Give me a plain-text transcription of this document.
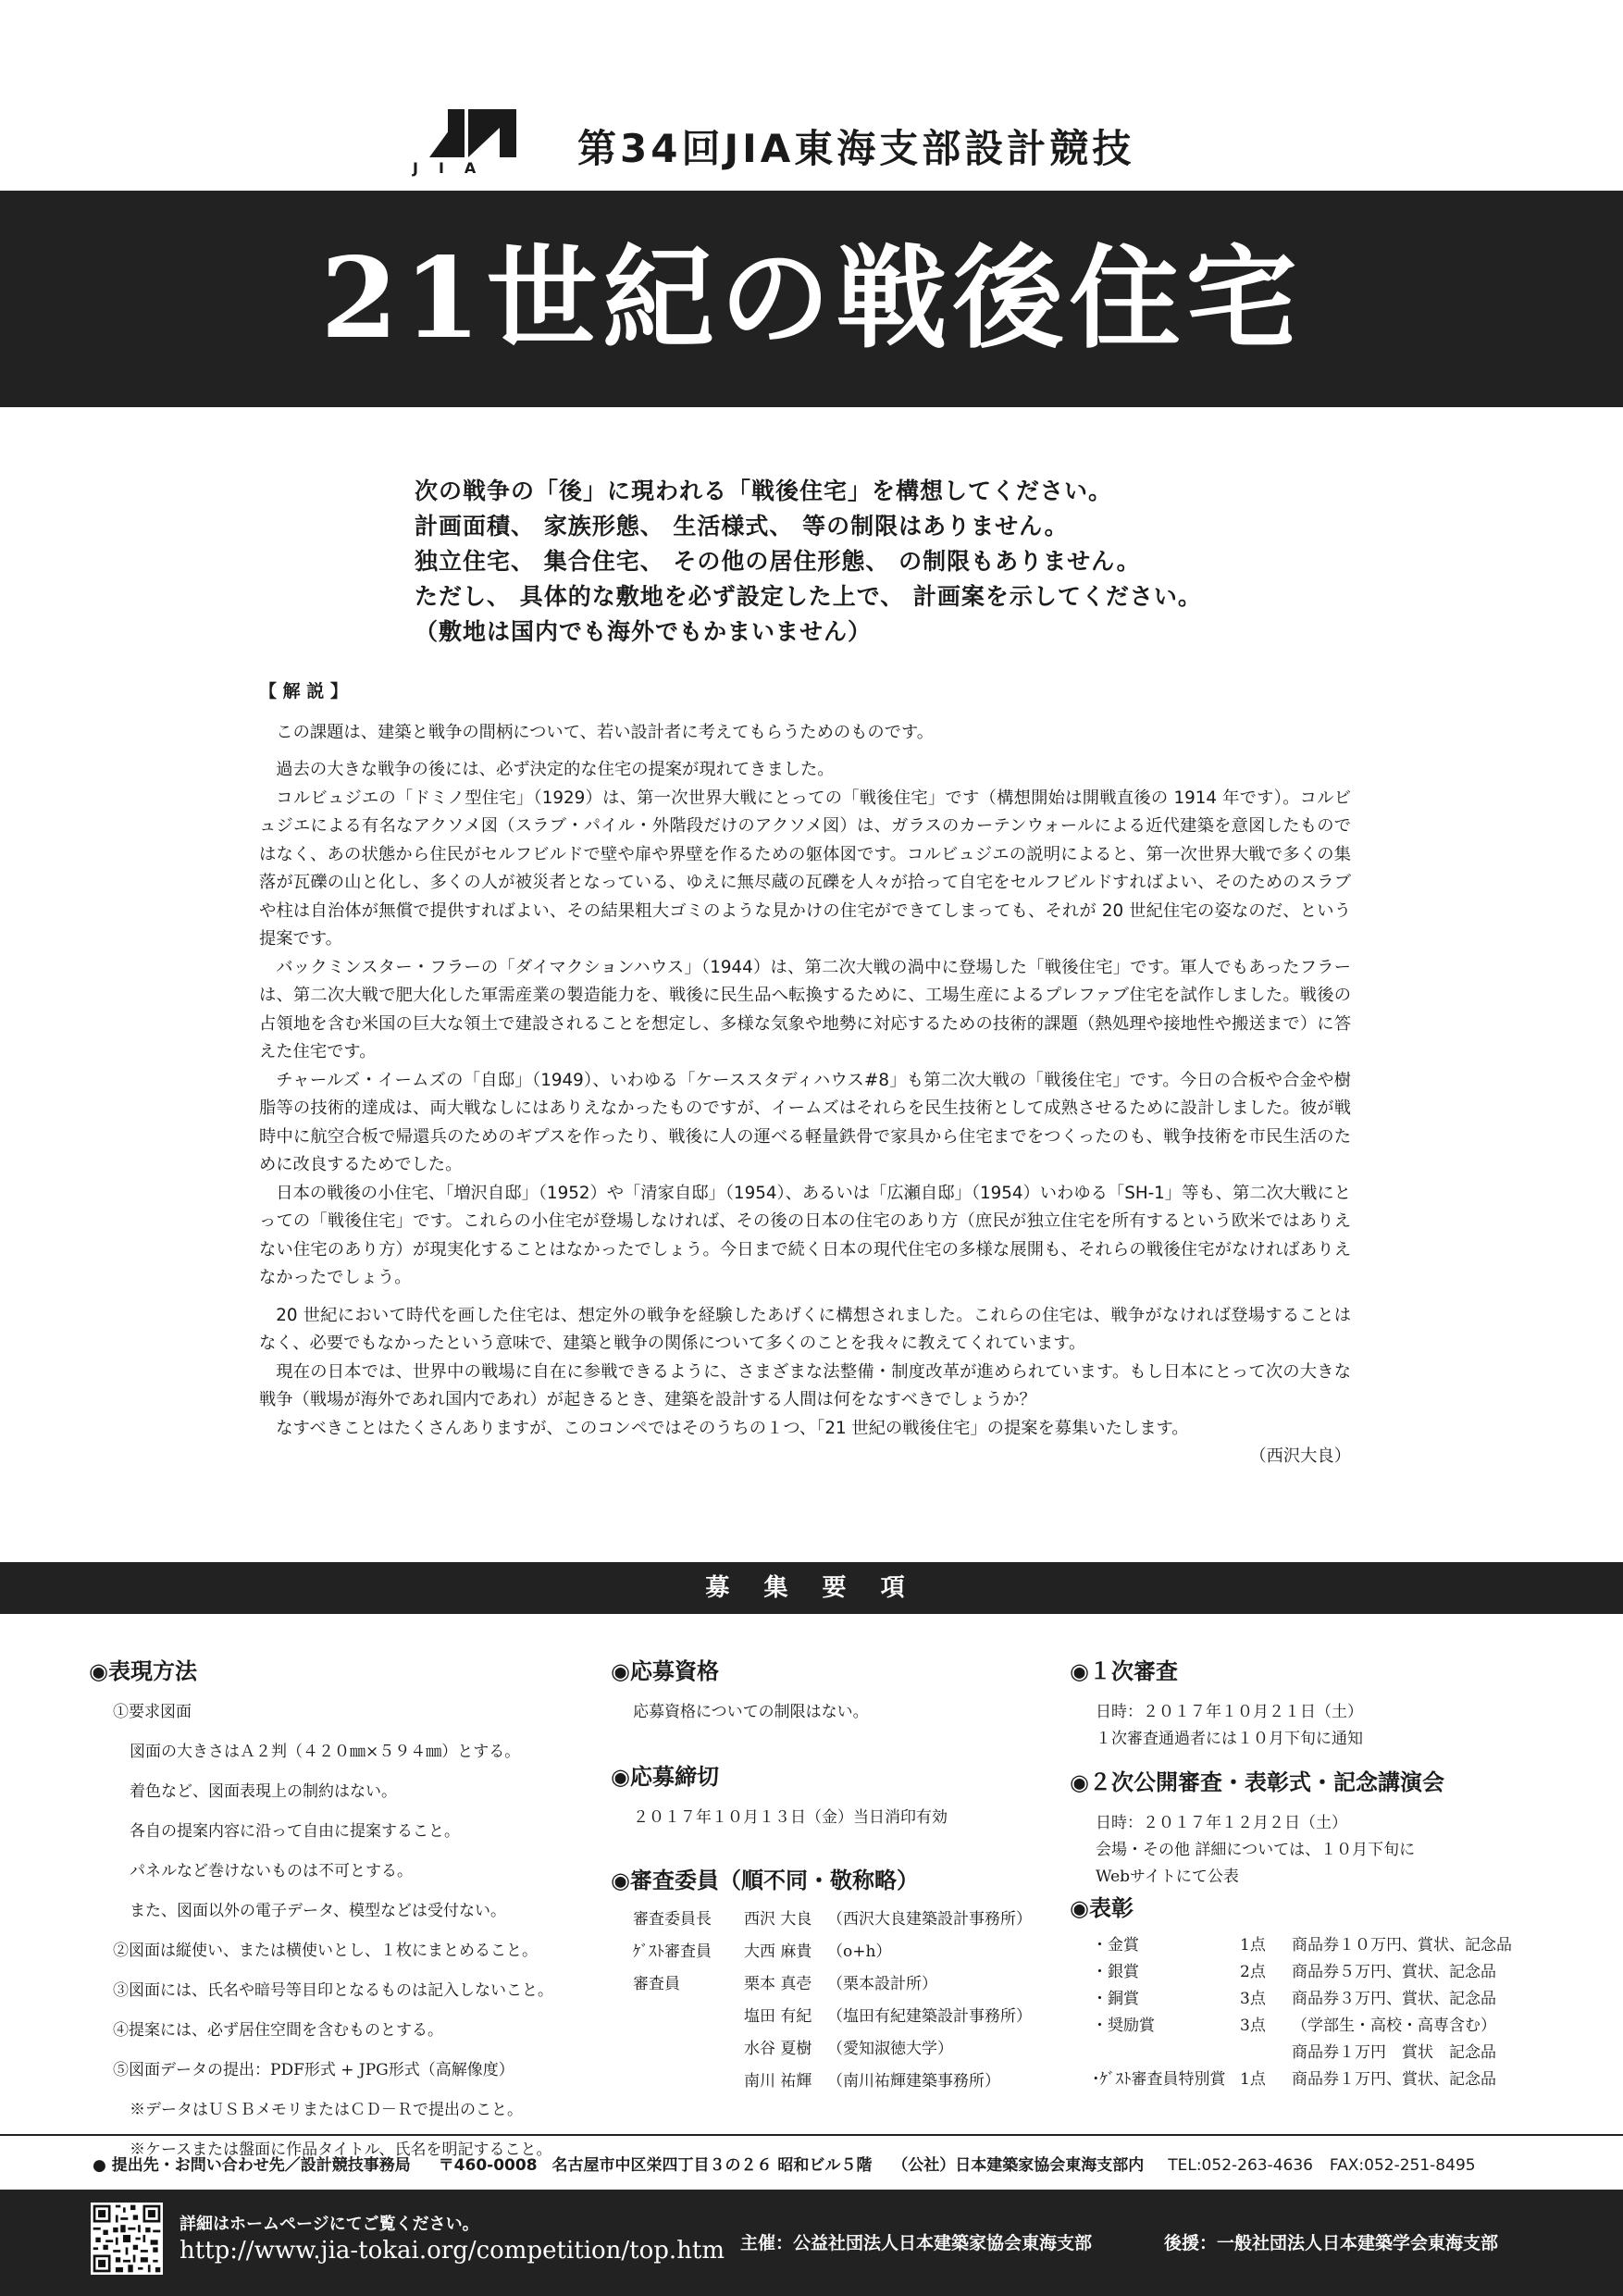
JIA	第34回JIA東海支部設計競技
21世紀の戦後住宅
次の戦争の「後」に現われる「戦後住宅」を構想してください。
計画面積、 家族形態、 生活様式、 等の制限はありません。
独立住宅、 集合住宅、 その他の居住形態、 の制限もありません。
ただし、 具体的な敷地を必ず設定した上で、 計画案を示してください。
（敷地は国内でも海外でもかまいません）
【 解 説 】

この課題は、建築と戦争の間柄について、若い設計者に考えてもらうためのものです。

過去の大きな戦争の後には、必ず決定的な住宅の提案が現れてきました。

コルビュジエの「ドミノ型住宅」（1929）は、第一次世界大戦にとっての「戦後住宅」です（構想開始は開戦直後の 1914 年です）。コルビュジエによる有名なアクソメ図（スラブ・パイル・外階段だけのアクソメ図）は、ガラスのカーテンウォールによる近代建築を意図したものではなく、あの状態から住民がセルフビルドで壁や扉や界壁を作るための躯体図です。コルビュジエの説明によると、第一次世界大戦で多くの集落が瓦礫の山と化し、多くの人が被災者となっている、ゆえに無尽蔵の瓦礫を人々が拾って自宅をセルフビルドすればよい、そのためのスラブや柱は自治体が無償で提供すればよい、その結果粗大ゴミのような見かけの住宅ができてしまっても、それが 20 世紀住宅の姿なのだ、という提案です。

バックミンスター・フラーの「ダイマクションハウス」（1944）は、第二次大戦の渦中に登場した「戦後住宅」です。軍人でもあったフラーは、第二次大戦で肥大化した軍需産業の製造能力を、戦後に民生品へ転換するために、工場生産によるプレファブ住宅を試作しました。戦後の占領地を含む米国の巨大な領土で建設されることを想定し、多様な気象や地勢に対応するための技術的課題（熱処理や接地性や搬送まで）に答えた住宅です。

チャールズ・イームズの「自邸」（1949）、いわゆる「ケーススタディハウス#8」も第二次大戦の「戦後住宅」です。今日の合板や合金や樹脂等の技術的達成は、両大戦なしにはありえなかったものですが、イームズはそれらを民生技術として成熟させるために設計しました。彼が戦時中に航空合板で帰還兵のためのギプスを作ったり、戦後に人の運べる軽量鉄骨で家具から住宅までをつくったのも、戦争技術を市民生活のために改良するためでした。

日本の戦後の小住宅、「増沢自邸」（1952）や「清家自邸」（1954）、あるいは「広瀬自邸」（1954）いわゆる「SH-1」等も、第二次大戦にとっての「戦後住宅」です。これらの小住宅が登場しなければ、その後の日本の住宅のあり方（庶民が独立住宅を所有するという欧米ではありえない住宅のあり方）が現実化することはなかったでしょう。今日まで続く日本の現代住宅の多様な展開も、それらの戦後住宅がなければありえなかったでしょう。

20 世紀において時代を画した住宅は、想定外の戦争を経験したあげくに構想されました。これらの住宅は、戦争がなければ登場することはなく、必要でもなかったという意味で、建築と戦争の関係について多くのことを我々に教えてくれています。

現在の日本では、世界中の戦場に自在に参戦できるように、さまざまな法整備・制度改革が進められています。もし日本にとって次の大きな戦争（戦場が海外であれ国内であれ）が起きるとき、建築を設計する人間は何をなすべきでしょうか？

なすべきことはたくさんありますが、このコンペではそのうちの１つ、「21 世紀の戦後住宅」の提案を募集いたします。

（西沢大良）

募 集 要 項
◉表現方法
①要求図面
図面の大きさはＡ２判（４２０㎜×５９４㎜）とする。
着色など、図面表現上の制約はない。
各自の提案内容に沿って自由に提案すること。
パネルなど巻けないものは不可とする。
また、図面以外の電子データ、模型などは受付ない。
②図面は縦使い、または横使いとし、１枚にまとめること。
③図面には、氏名や暗号等目印となるものは記入しないこと。
④提案には、必ず居住空間を含むものとする。
⑤図面データの提出：PDF形式 + JPG形式（高解像度）
※データはＵＳＢメモリまたはＣＤ－Ｒで提出のこと。
※ケースまたは盤面に作品タイトル、氏名を明記すること。
◉応募資格
応募資格についての制限はない。
◉応募締切
２０１７年１０月１３日（金）当日消印有効
◉審査委員（順不同・敬称略）
審査委員長	西沢 大良 （西沢大良建築設計事務所）
ｹﾞｽﾄ審査員	大西 麻貴 （o+h）
審査員	栗本 真壱 （栗本設計所）
塩田 有紀 （塩田有紀建築設計事務所）
水谷 夏樹 （愛知淑徳大学）
南川 祐輝 （南川祐輝建築事務所）
◉１次審査
日時：２０１７年１０月２１日（土）
１次審査通過者には１０月下旬に通知
◉２次公開審査・表彰式・記念講演会
日時：２０１７年１２月２日（土）
会場・その他 詳細については、１０月下旬に
Webサイトにて公表
◉表彰
・金賞	1点	商品券１０万円、賞状、記念品
・銀賞	2点	商品券５万円、賞状、記念品
・銅賞	3点	商品券３万円、賞状、記念品
・奨励賞	3点	（学部生・高校・高専含む）
商品券１万円　賞状　記念品
･ｹﾞｽﾄ審査員特別賞 1点	商品券１万円、賞状、記念品
● 提出先・お問い合わせ先／設計競技事務局 〒460-0008 名古屋市中区栄四丁目３の２６ 昭和ビル５階 （公社）日本建築家協会東海支部内 TEL:052-263-4636 FAX:052-251-8495
詳細はホームページにてご覧ください。
http://www.jia-tokai.org/competition/top.htm 主催：公益社団法人日本建築家協会東海支部	後援：一般社団法人日本建築学会東海支部
